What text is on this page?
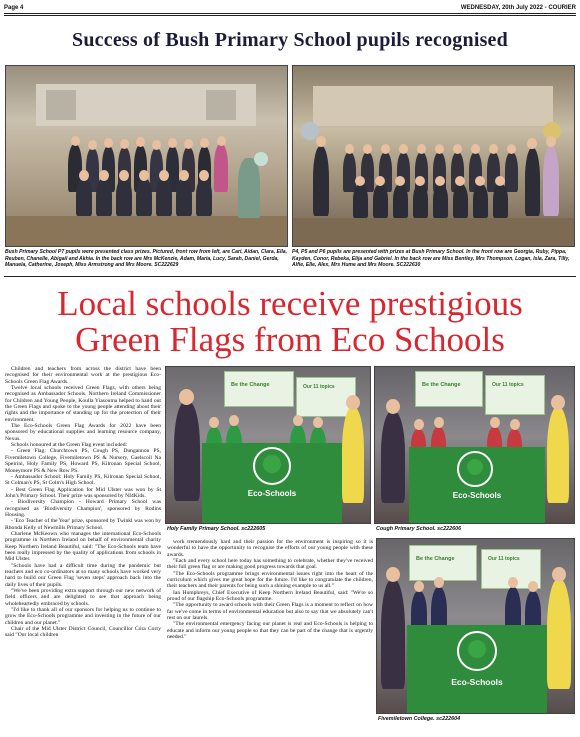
Page 4	WEDNESDAY, 20th July 2022 - COURIER
Success of Bush Primary School pupils recognised
Bush Primary School P7 pupils were presented class prizes. Pictured, front row from left, are Cari, Aidan, Clara, Ella, Reuben, Chanelle, Abigail and Akhia. In the back row are Mrs McKenzie, Adam, Maria, Lucy, Sarah, Daniel, Gerda, Manuela, Catherine, Joseph, Miss Armstrong and Mrs Moore. SC222629
P4, P5 and P6 pupils are presented with prizes at Bush Primary School. In the front row are Georgia, Ruby, Pippa, Kayden, Conor, Rebeka, Elija and Gabriel. In the back row are Miss Bentley, Mrs Thompson, Logan, Isla, Zara, Tilly, Alfie, Elle, Alex, Mrs Hume and Mrs Moore. SC222630
Local schools receive prestigious
Green Flags from Eco Schools

Children and teachers from across the district have been recognised for their environmental work at the prestigious Eco-Schools Green Flag Awards.

Twelve local schools received Green Flags, with others being recognised as Ambassador Schools. Northern Ireland Commissioner for Children and Young People, Koulla Yiasouma helped to hand out the Green Flags and spoke to the young people attending about their rights and the importance of standing up for the protection of their environment.

The Eco-Schools Green Flag Awards for 2022 have been sponsored by educational supplies and learning resource company, Nexus.

Schools honoured at the Green Flag event included:

- Green Flag: Churchtown PS, Cough PS, Dungannon PS, Fivemiletown College, Fivemiletown PS & Nursery, Gaelscoil Na Speirini, Holy Family PS, Howard PS, Kilronan Special School, Moneymore PS & New Row PS.

- Ambassador School: Holy Family PS, Kilronan Special School, St Colman's PS, St Colm's High School.

- Best Green Flag Application for Mid Ulster was won by St John's Primary School. Their prize was sponsored by NI4Kids.

- Biodiversity Champion - Howard Primary School was recognised as 'Biodiversity Champion', sponsored by Rodins Housing.

- 'Eco Teacher of the Year' prize, sponsored by Twinkl was won by Rhonda Kelly of Newmills Primary School.

Charlene McKeown who manages the international Eco-Schools programme in Northern Ireland on behalf of environmental charity Keep Northern Ireland Beautiful, said: "The Eco-Schools team have been really impressed by the quality of applications from schools in Mid Ulster.

"Schools have had a difficult time during the pandemic but teachers and eco co-ordinators at so many schools have worked very hard to build our Green Flag 'seven steps' approach back into the daily lives of their pupils.

"We've been providing extra support through our new network of field officers and are delighted to see that approach being wholeheartedly embraced by schools.

"I'd like to thank all of our sponsors for helping us to continue to grow the Eco-Schools programme and investing in the future of our children and our planet."

Chair of the Mid Ulster District Council, Councillor Córa Corry said "Our local children

Be the Change	Our 11 topics
Eco-Schools
Holy Family Primary School. sc222605
Be the Change	Our 11 topics
Eco-Schools
Cough Primary School. sc222606

work tremendously hard and their passion for the environment is inspiring so it is wonderful to have the opportunity to recognise the efforts of our young people with these awards.

"Each and every school here today has something to celebrate, whether they've received their full green flag or are making good progress towards that goal.

"The Eco-Schools programme brings environmental issues right into the heart of the curriculum which gives me great hope for the future. I'd like to congratulate the children, their teachers and their parents for being such a shining example to us all."

Ian Humphreys, Chief Executive of Keep Northern Ireland Beautiful, said: "We're so proud of our flagship Eco-Schools programme.

"The opportunity to award schools with their Green Flags is a moment to reflect on how far we've come in terms of environmental education but also to say that we absolutely can't rest on our laurels.

"The environmental emergency facing our planet is real and Eco-Schools is helping to educate and inform our young people so that they can be part of the change that is urgently needed."

Be the Change	Our 11 topics
Eco-Schools
Fivemiletown College. sc222604
